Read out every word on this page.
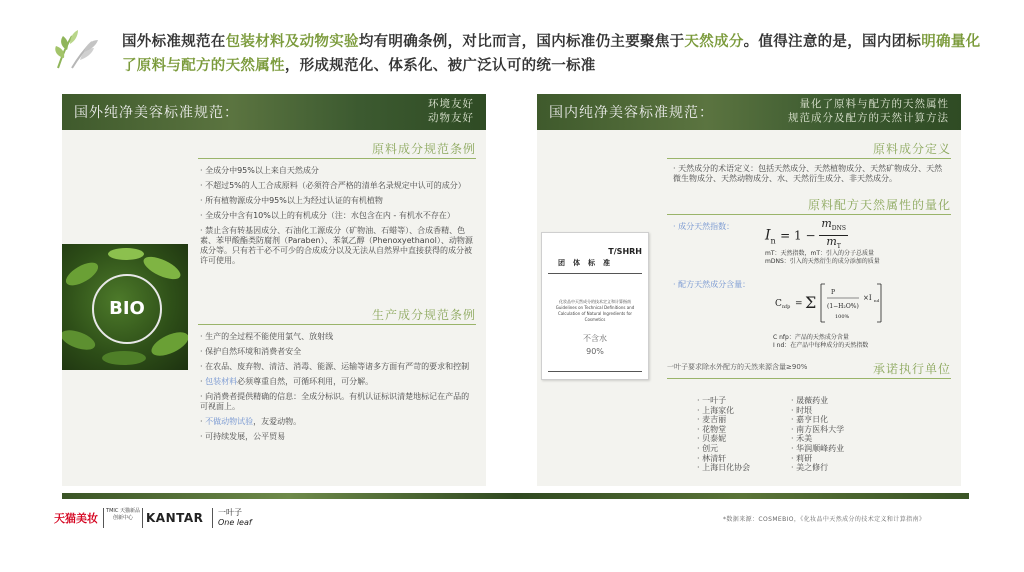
国外标准规范在包装材料及动物实验均有明确条例，对比而言，国内标准仍主要聚焦于天然成分。值得注意的是，国内团标明确量化了原料与配方的天然属性，形成规范化、体系化、被广泛认可的统一标准
国外纯净美容标准规范：
环境友好
动物友好
BIO
原料成分规范条例
· 全成分中95%以上来自天然成分
· 不超过5%的人工合成原料（必须符合严格的清单名录规定中认可的成分）
· 所有植物源成分中95%以上为经过认证的有机植物
· 全成分中含有10%以上的有机成分（注：水包含在内 - 有机水不存在）
· 禁止含有转基因成分、石油化工源成分（矿物油、石蜡等）、合成香精、色素、苯甲酸酯类防腐剂（Paraben）、苯氧乙醇（Phenoxyethanol）、动物源成分等。只有若干必不可少的合成成分以及无法从自然界中直接获得的成分被许可使用。
生产成分规范条例
· 生产的全过程不能使用氯气、放射线
· 保护自然环境和消费者安全
· 在农品、废弃物、清洁、消毒、能源、运输等诸多方面有严苛的要求和控制
· 包装材料必须尊重自然，可循环利用，可分解。
· 向消费者提供精确的信息：全成分标识。有机认证标识清楚地标记在产品的可视面上。
· 不做动物试验，友爱动物。
· 可持续发展，公平贸易
国内纯净美容标准规范：
量化了原料与配方的天然属性
规范成分及配方的天然计算方法
T/SHRH
团体标准
化妆品中天然成分的技术定义和计算指南
Guidelines on Technical Definitions and Calculation of Natural Ingredients for Cosmetics
不含水
90%
原料成分定义
· 天然成分的术语定义：包括天然成分、天然植物成分、天然矿物成分、天然微生物成分、天然动物成分、水、天然衍生成分、非天然成分。
原料配方天然属性的量化
· 成分天然指数：
$I_n = 1$ −
$m_{DNS}$
$m_T$
mT：天然指数，mT：引入的分子总质量
mDNS：引入的天然衍生的成分添加的质量
· 配方天然成分含量：
C nfp = Σ
P
(1−H₂O%)
100%
×I nd
C nfp：产品的天然成分含量
I nd：在产品中每种成分的天然指数
一叶子要求除水外配方的天然来源含量≥90%	承诺执行单位
· 一叶子
· 上海家化
· 麦吉丽
· 花物堂
· 贝泰妮
· 创元
· 林清轩
· 上海日化协会
· 晟薇药业
· 时垠
· 嘉亨日化
· 南方医科大学
· 禾美
· 华润顺峰药业
· 莉研
· 美之修行
天猫美妆
TMIC 天猫新品创新中心	KANTAR 一叶子
One leaf	*数据来源：COSMEBIO，《化妆品中天然成分的技术定义和计算指南》
